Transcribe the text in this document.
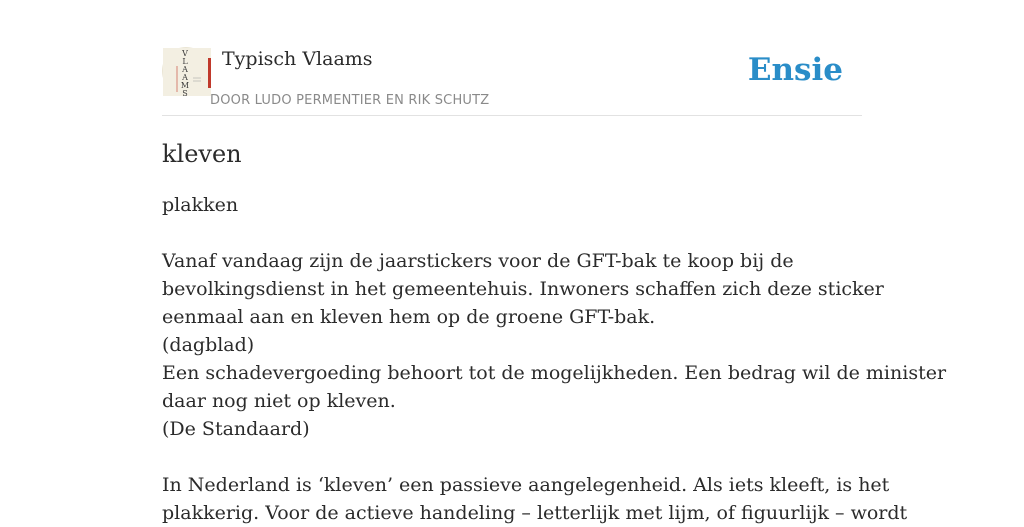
V
L
A
A
M
S
Typisch Vlaams
DOOR LUDO PERMENTIER EN RIK SCHUTZ
Ensie
kleven

plakken

Vanaf vandaag zijn de jaarstickers voor de GFT-bak te koop bij de
bevolkingsdienst in het gemeentehuis. Inwoners schaffen zich deze sticker
eenmaal aan en kleven hem op de groene GFT-bak.
(dagblad)
Een schadevergoeding behoort tot de mogelijkheden. Een bedrag wil de minister
daar nog niet op kleven.
(De Standaard)
In Nederland is ‘kleven’ een passieve aangelegenheid. Als iets kleeft, is het
plakkerig. Voor de actieve handeling – letterlijk met lijm, of figuurlijk – wordt
